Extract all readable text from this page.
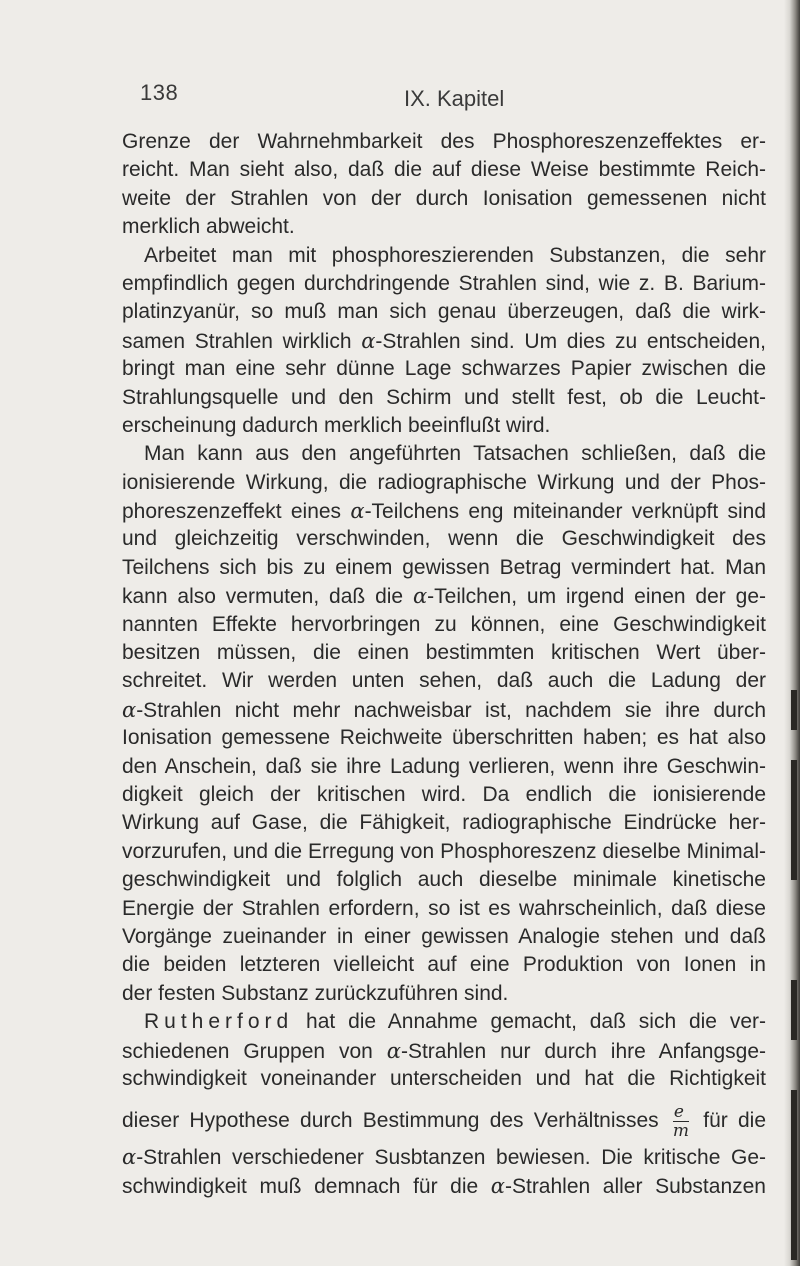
138	IX. Kapitel
Grenze der Wahrnehmbarkeit des Phosphoreszenzeffektes er-
reicht. Man sieht also, daß die auf diese Weise bestimmte Reich-
weite der Strahlen von der durch Ionisation gemessenen nicht
merklich abweicht.
Arbeitet man mit phosphoreszierenden Substanzen, die sehr
empfindlich gegen durchdringende Strahlen sind, wie z. B. Barium-
platinzyanür, so muß man sich genau überzeugen, daß die wirk-
samen Strahlen wirklich α-Strahlen sind. Um dies zu entscheiden,
bringt man eine sehr dünne Lage schwarzes Papier zwischen die
Strahlungsquelle und den Schirm und stellt fest, ob die Leucht-
erscheinung dadurch merklich beeinflußt wird.
Man kann aus den angeführten Tatsachen schließen, daß die
ionisierende Wirkung, die radiographische Wirkung und der Phos-
phoreszenzeffekt eines α-Teilchens eng miteinander verknüpft sind
und gleichzeitig verschwinden, wenn die Geschwindigkeit des
Teilchens sich bis zu einem gewissen Betrag vermindert hat. Man
kann also vermuten, daß die α-Teilchen, um irgend einen der ge-
nannten Effekte hervorbringen zu können, eine Geschwindigkeit
besitzen müssen, die einen bestimmten kritischen Wert über-
schreitet. Wir werden unten sehen, daß auch die Ladung der
α-Strahlen nicht mehr nachweisbar ist, nachdem sie ihre durch
Ionisation gemessene Reichweite überschritten haben; es hat also
den Anschein, daß sie ihre Ladung verlieren, wenn ihre Geschwin-
digkeit gleich der kritischen wird. Da endlich die ionisierende
Wirkung auf Gase, die Fähigkeit, radiographische Eindrücke her-
vorzurufen, und die Erregung von Phosphoreszenz dieselbe Minimal-
geschwindigkeit und folglich auch dieselbe minimale kinetische
Energie der Strahlen erfordern, so ist es wahrscheinlich, daß diese
Vorgänge zueinander in einer gewissen Analogie stehen und daß
die beiden letzteren vielleicht auf eine Produktion von Ionen in
der festen Substanz zurückzuführen sind.
Rutherford hat die Annahme gemacht, daß sich die ver-
schiedenen Gruppen von α-Strahlen nur durch ihre Anfangsge-
schwindigkeit voneinander unterscheiden und hat die Richtigkeit
dieser Hypothese durch Bestimmung des Verhältnisses $\frac{e}{m}$ für die
α-Strahlen verschiedener Susbtanzen bewiesen. Die kritische Ge-
schwindigkeit muß demnach für die α-Strahlen aller Substanzen
